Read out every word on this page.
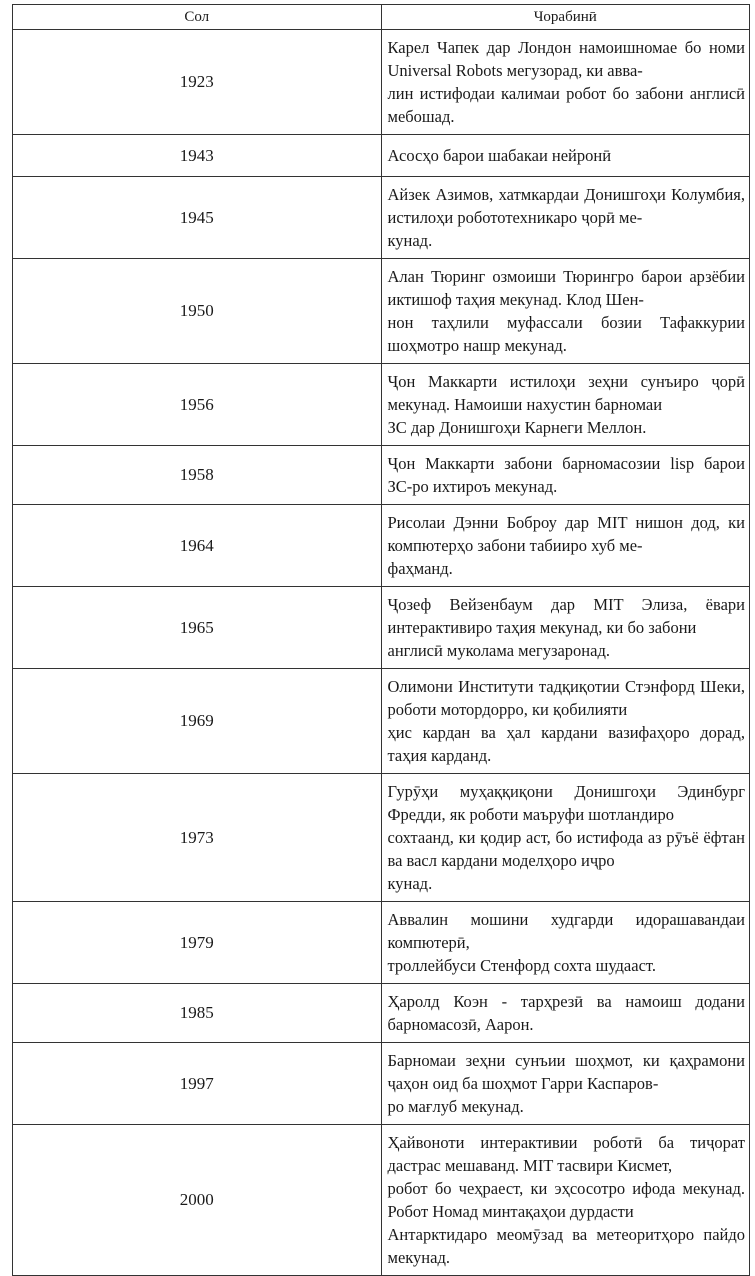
Сол	Чорабинӣ
1923	Карел Чапек дар Лондон намоишномае бо номи Universal Robots мегузорад, ки авва-
лин истифодаи калимаи робот бо забони англисӣ мебошад.
1943	Асосҳо барои шабакаи нейронӣ
1945	Айзек Азимов, хатмкардаи Донишгоҳи Колумбия, истилоҳи робототехникаро ҷорӣ ме-
кунад.
1950	Алан Тюринг озмоиши Тюрингро барои арзёбии иктишоф таҳия мекунад. Клод Шен-
нон таҳлили муфассали бозии Тафаккурии шоҳмотро нашр мекунад.
1956	Ҷон Маккарти истилоҳи зеҳни сунъиро ҷорӣ мекунад. Намоиши нахустин барномаи
ЗС дар Донишгоҳи Карнеги Меллон.
1958	Ҷон Маккарти забони барномасозии lisp барои ЗС-ро ихтироъ мекунад.
1964	Рисолаи Дэнни Боброу дар MIT нишон дод, ки компютерҳо забони табииро хуб ме-
фаҳманд.
1965	Ҷозеф Вейзенбаум дар MIT Элиза, ёвари интерактивиро таҳия мекунад, ки бо забони
англисӣ муколама мегузаронад.
1969	Олимони Институти тадқиқотии Стэнфорд Шеки, роботи мотордорро, ки қобилияти
ҳис кардан ва ҳал кардани вазифаҳоро дорад, таҳия карданд.
1973	Гурӯҳи муҳаққиқони Донишгоҳи Эдинбург Фредди, як роботи маъруфи шотландиро
сохтаанд, ки қодир аст, бо истифода аз рӯъё ёфтан ва васл кардани моделҳоро иҷро
кунад.
1979	Аввалин мошини худгарди идорашавандаи компютерӣ,
троллейбуси Стенфорд сохта шудааст.
1985	Ҳаролд Коэн - тарҳрезӣ ва намоиш додани барномасозӣ, Аарон.
1997	Барномаи зеҳни сунъии шоҳмот, ки қаҳрамони ҷаҳон оид ба шоҳмот Гарри Каспаров-
ро мағлуб мекунад.
2000	Ҳайвоноти интерактивии роботӣ ба тиҷорат дастрас мешаванд. MIT тасвири Кисмет,
робот бо чеҳраест, ки эҳсосотро ифода мекунад. Робот Номад минтақаҳои дурдасти
Антарктидаро меомӯзад ва метеоритҳоро пайдо мекунад.
